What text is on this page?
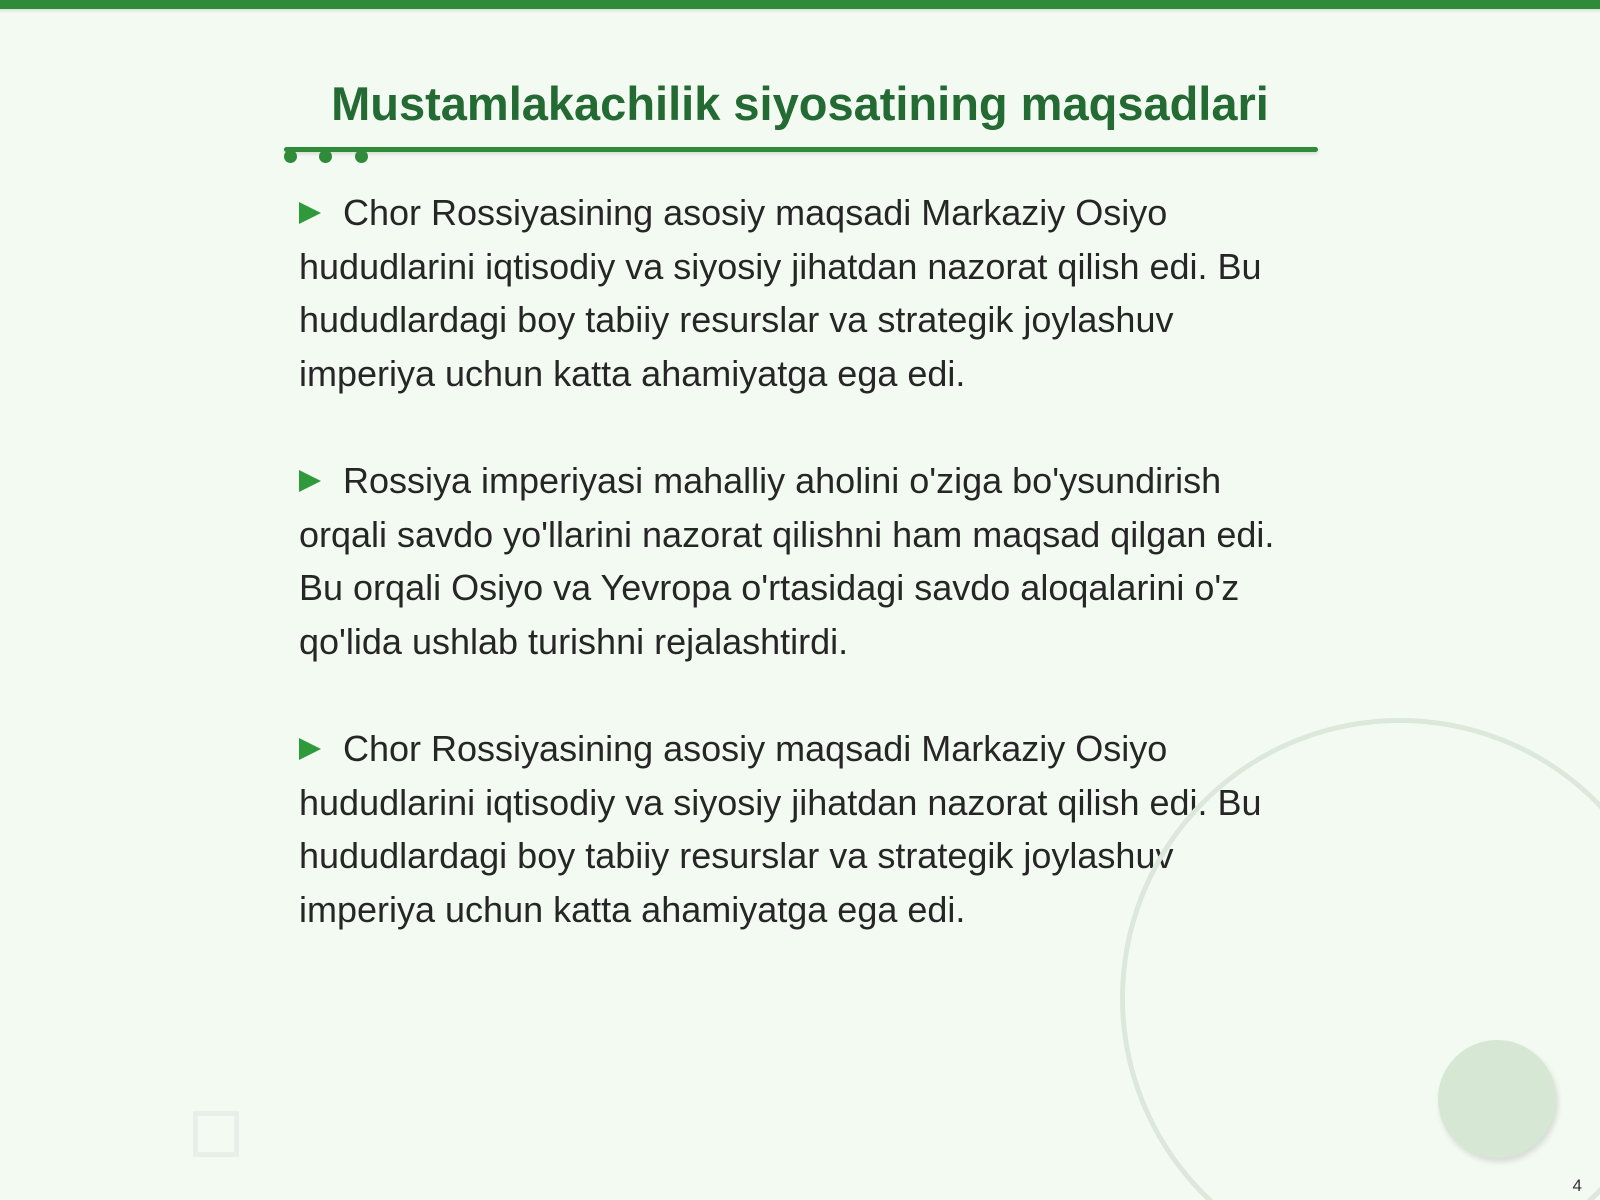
Mustamlakachilik siyosatining maqsadlari

Chor Rossiyasining asosiy maqsadi Markaziy Osiyo hududlarini iqtisodiy va siyosiy jihatdan nazorat qilish edi. Bu hududlardagi boy tabiiy resurslar va strategik joylashuv imperiya uchun katta ahamiyatga ega edi.

Rossiya imperiyasi mahalliy aholini o'ziga bo'ysundirish orqali savdo yo'llarini nazorat qilishni ham maqsad qilgan edi. Bu orqali Osiyo va Yevropa o'rtasidagi savdo aloqalarini o'z qo'lida ushlab turishni rejalashtirdi.

Chor Rossiyasining asosiy maqsadi Markaziy Osiyo hududlarini iqtisodiy va siyosiy jihatdan nazorat qilish edi. Bu hududlardagi boy tabiiy resurslar va strategik joylashuv imperiya uchun katta ahamiyatga ega edi.

4
